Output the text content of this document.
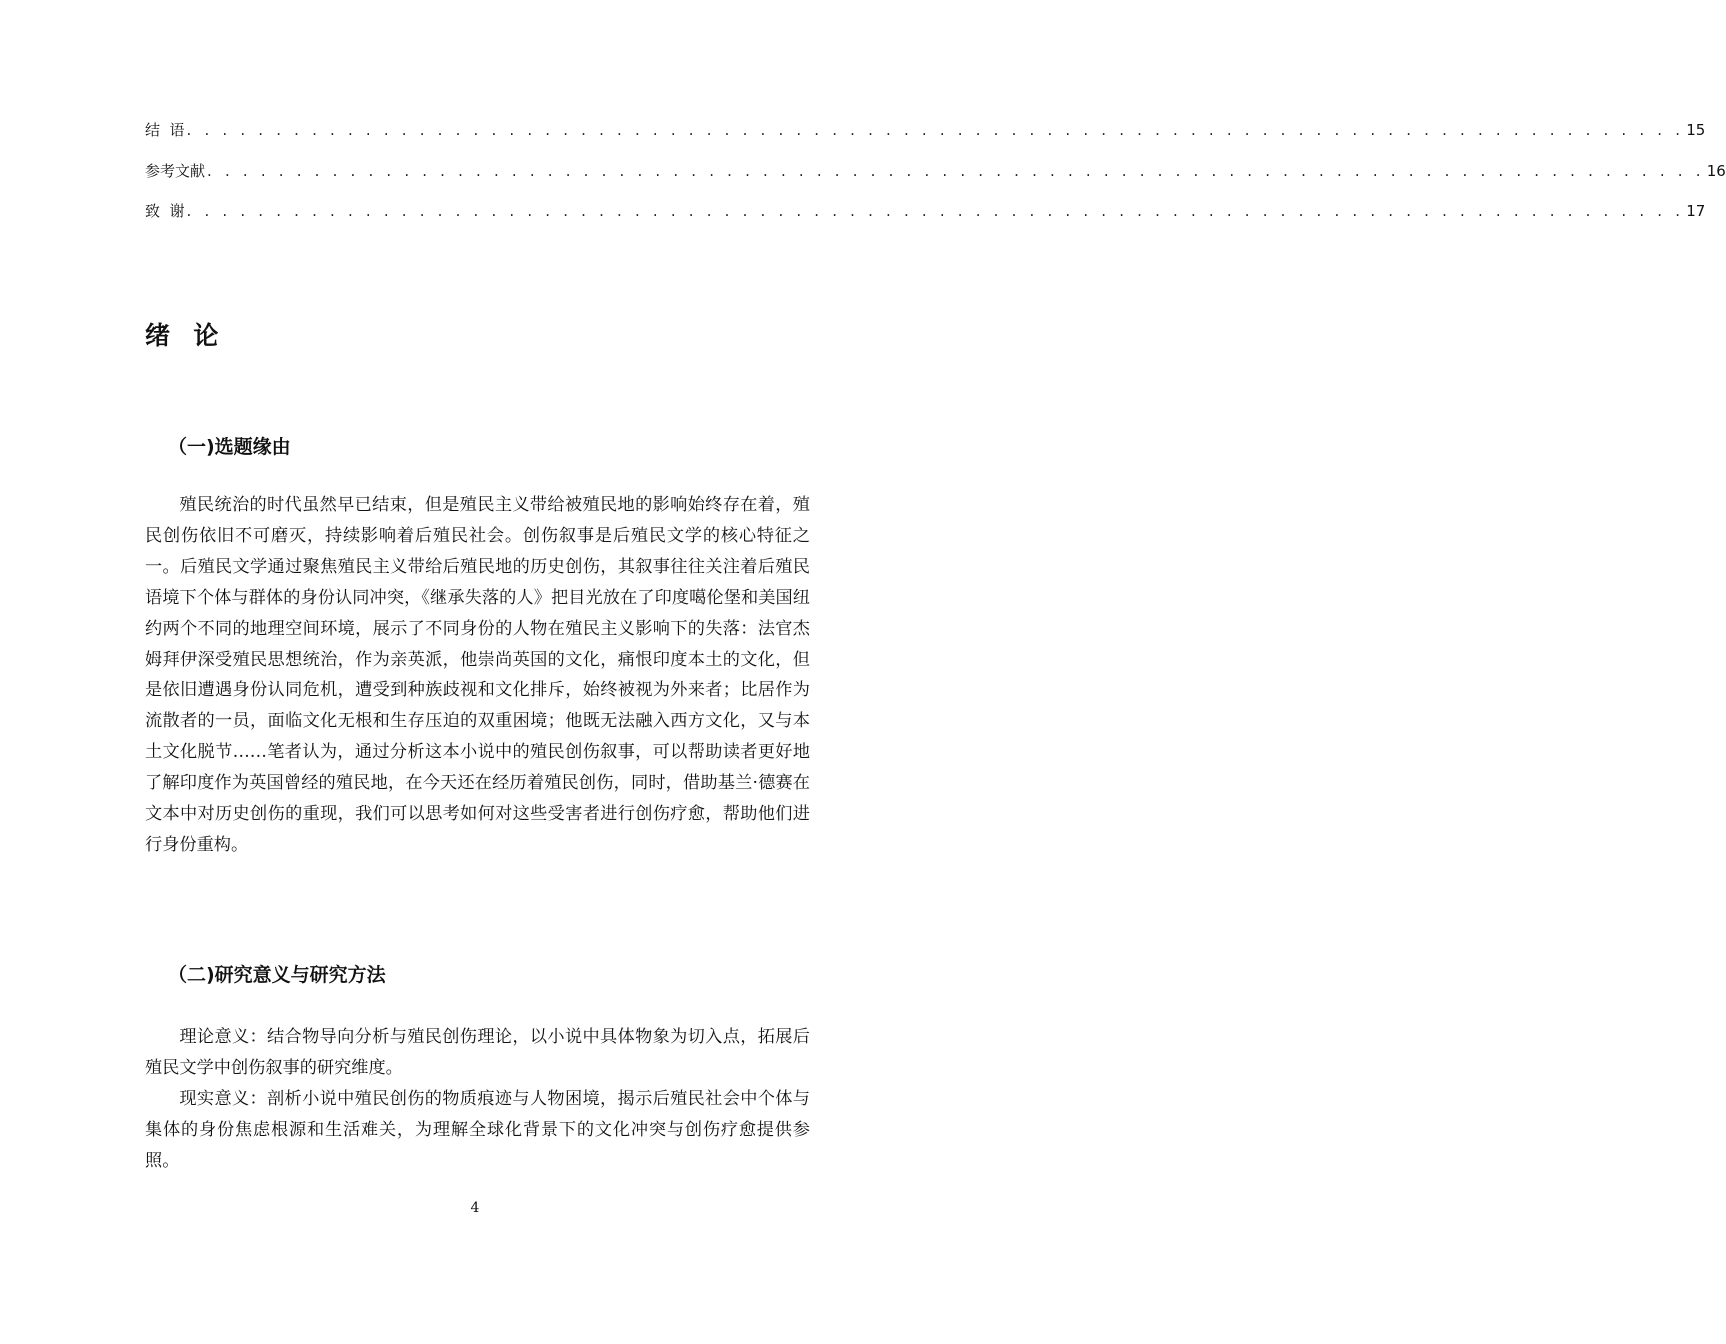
结  语 . . . . . . . . . . . . . . . . . . . . . . . . . . . . . . . . . . . . . . . . . . . . . . . . . . . . . . . . . . . . . . . . . . . . . . . . . . . . . . . . . . . . 15
参考文献 . . . . . . . . . . . . . . . . . . . . . . . . . . . . . . . . . . . . . . . . . . . . . . . . . . . . . . . . . . . . . . . . . . . . . . . . . . . . . . . . . . . . 16
致  谢 . . . . . . . . . . . . . . . . . . . . . . . . . . . . . . . . . . . . . . . . . . . . . . . . . . . . . . . . . . . . . . . . . . . . . . . . . . . . . . . . . . . . 17
绪  论
（一)选题缘由

殖民统治的时代虽然早已结束，但是殖民主义带给被殖民地的影响始终存在着，殖民创伤依旧不可磨灭，持续影响着后殖民社会。创伤叙事是后殖民文学的核心特征之一。后殖民文学通过聚焦殖民主义带给后殖民地的历史创伤，其叙事往往关注着后殖民语境下个体与群体的身份认同冲突，《继承失落的人》把目光放在了印度噶伦堡和美国纽约两个不同的地理空间环境，展示了不同身份的人物在殖民主义影响下的失落：法官杰姆拜伊深受殖民思想统治，作为亲英派，他崇尚英国的文化，痛恨印度本土的文化，但是依旧遭遇身份认同危机，遭受到种族歧视和文化排斥，始终被视为外来者；比居作为流散者的一员，面临文化无根和生存压迫的双重困境；他既无法融入西方文化，又与本土文化脱节……笔者认为，通过分析这本小说中的殖民创伤叙事，可以帮助读者更好地了解印度作为英国曾经的殖民地，在今天还在经历着殖民创伤，同时，借助基兰·德赛在文本中对历史创伤的重现，我们可以思考如何对这些受害者进行创伤疗愈，帮助他们进行身份重构。

（二)研究意义与研究方法

理论意义：结合物导向分析与殖民创伤理论，以小说中具体物象为切入点，拓展后殖民文学中创伤叙事的研究维度。

现实意义：剖析小说中殖民创伤的物质痕迹与人物困境，揭示后殖民社会中个体与集体的身份焦虑根源和生活难关，为理解全球化背景下的文化冲突与创伤疗愈提供参照。

4
